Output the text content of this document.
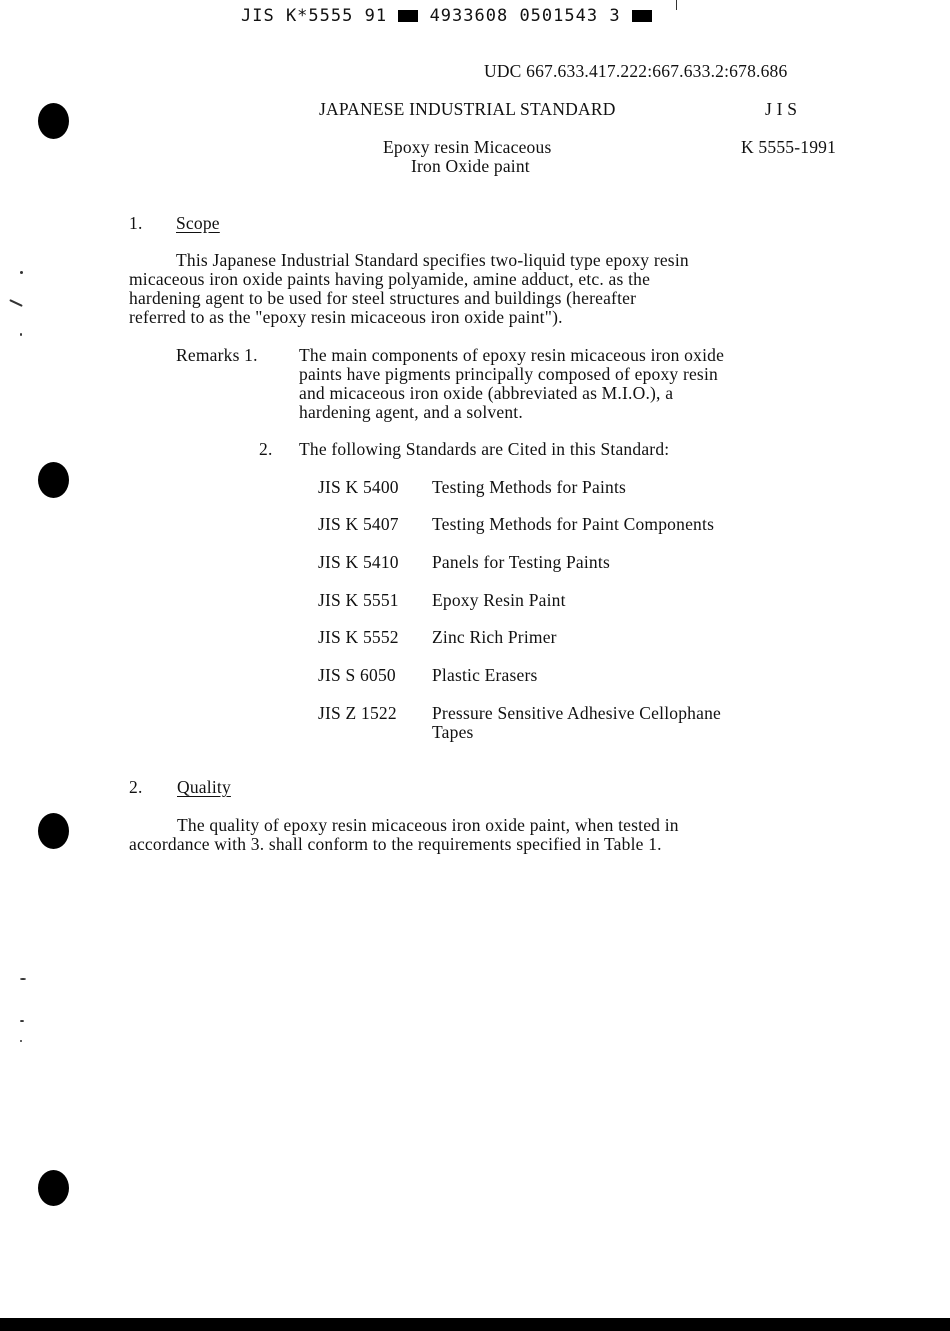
JIS K*5555 91	4933608 0501543 3
UDC 667.633.417.222:667.633.2:678.686
JAPANESE INDUSTRIAL STANDARD	J I S
Epoxy resin Micaceous
Iron Oxide paint
K 5555-1991
1. Scope
This Japanese Industrial Standard specifies two-liquid type epoxy resin
micaceous iron oxide paints having polyamide, amine adduct, etc. as the
hardening agent to be used for steel structures and buildings (hereafter
referred to as the "epoxy resin micaceous iron oxide paint").
Remarks 1. The main components of epoxy resin micaceous iron oxide
paints have pigments principally composed of epoxy resin
and micaceous iron oxide (abbreviated as M.I.O.), a
hardening agent, and a solvent.
2. The following Standards are Cited in this Standard:
JIS K 5400 Testing Methods for Paints
JIS K 5407 Testing Methods for Paint Components
JIS K 5410 Panels for Testing Paints
JIS K 5551 Epoxy Resin Paint
JIS K 5552 Zinc Rich Primer
JIS S 6050 Plastic Erasers
JIS Z 1522 Pressure Sensitive Adhesive Cellophane
Tapes
2. Quality
The quality of epoxy resin micaceous iron oxide paint, when tested in
accordance with 3. shall conform to the requirements specified in Table 1.
